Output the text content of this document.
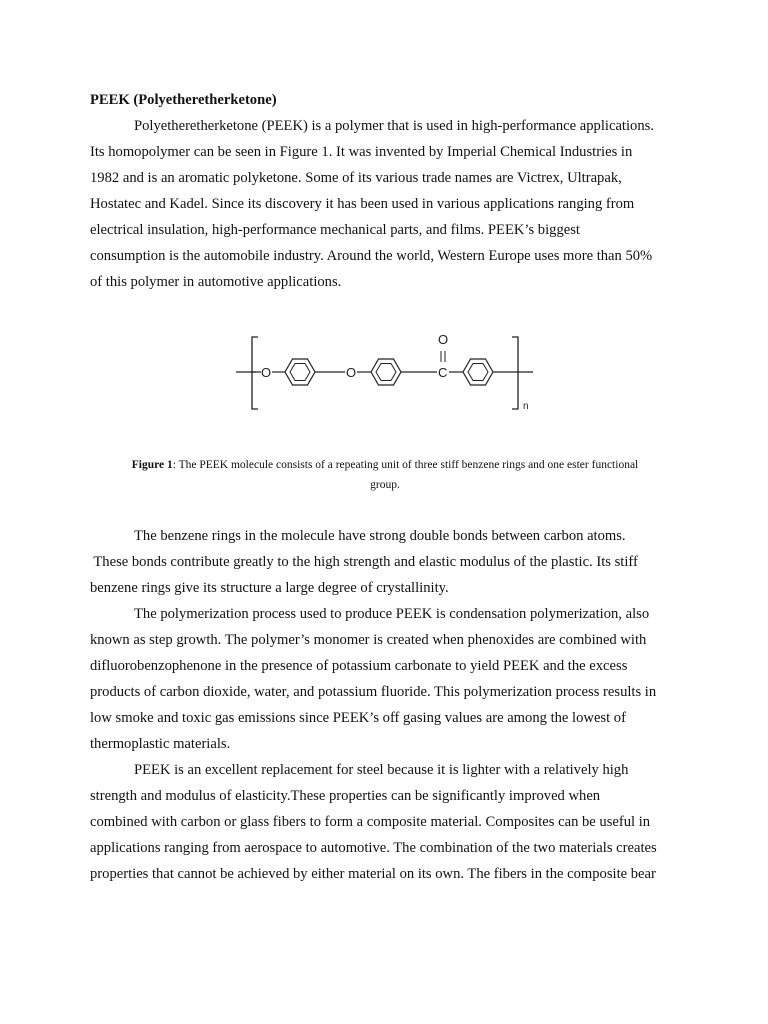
PEEK (Polyetheretherketone)
Polyetheretherketone (PEEK) is a polymer that is used in high-performance applications.
Its homopolymer can be seen in Figure 1. It was invented by Imperial Chemical Industries in
1982 and is an aromatic polyketone. Some of its various trade names are Victrex, Ultrapak,
Hostatec and Kadel. Since its discovery it has been used in various applications ranging from
electrical insulation, high-performance mechanical parts, and films. PEEK’s biggest
consumption is the automobile industry. Around the world, Western Europe uses more than 50%
of this polymer in automotive applications.
O	O	C
O
n
Figure 1: The PEEK molecule consists of a repeating unit of three stiff benzene rings and one ester functional
group.
The benzene rings in the molecule have strong double bonds between carbon atoms.
These bonds contribute greatly to the high strength and elastic modulus of the plastic. Its stiff
benzene rings give its structure a large degree of crystallinity.
The polymerization process used to produce PEEK is condensation polymerization, also
known as step growth. The polymer’s monomer is created when phenoxides are combined with
difluorobenzophenone in the presence of potassium carbonate to yield PEEK and the excess
products of carbon dioxide, water, and potassium fluoride. This polymerization process results in
low smoke and toxic gas emissions since PEEK’s off gasing values are among the lowest of
thermoplastic materials.
PEEK is an excellent replacement for steel because it is lighter with a relatively high
strength and modulus of elasticity.These properties can be significantly improved when
combined with carbon or glass fibers to form a composite material. Composites can be useful in
applications ranging from aerospace to automotive. The combination of the two materials creates
properties that cannot be achieved by either material on its own. The fibers in the composite bear
